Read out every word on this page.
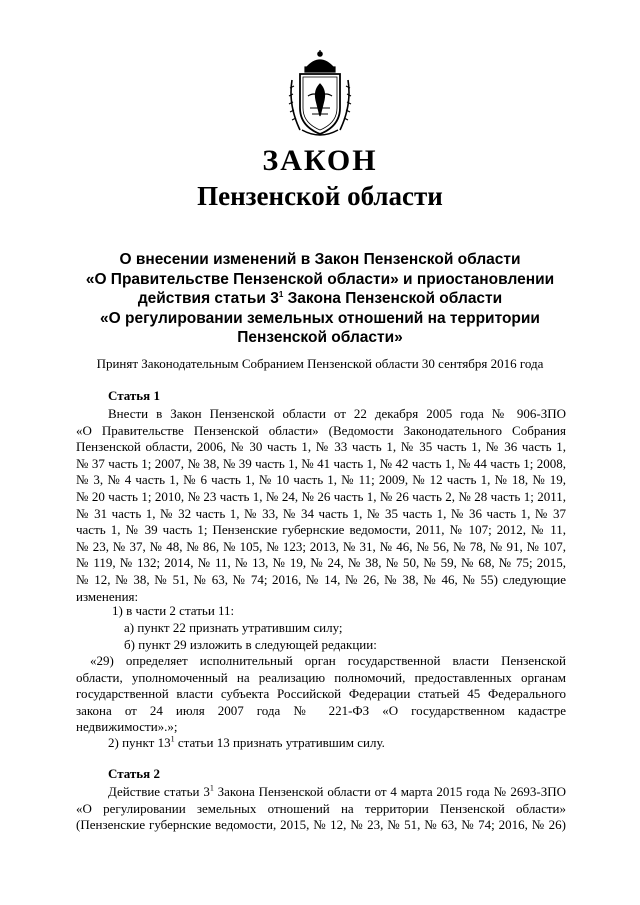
ЗАКОН
Пензенской области
О внесении изменений в Закон Пензенской области
«О Правительстве Пензенской области» и приостановлении
действия статьи $3^1$ Закона Пензенской области
«О регулировании земельных отношений на территории
Пензенской области»
Принят Законодательным Собранием Пензенской области 30 сентября 2016 года
Статья 1
Внести в Закон Пензенской области от 22 декабря 2005 года № 906-ЗПО
«О Правительстве Пензенской области» (Ведомости Законодательного Собрания
Пензенской области, 2006, № 30 часть 1, № 33 часть 1, № 35 часть 1, № 36 часть 1,
№ 37 часть 1; 2007, № 38, № 39 часть 1, № 41 часть 1, № 42 часть 1, № 44 часть 1; 2008,
№ 3, № 4 часть 1, № 6 часть 1, № 10 часть 1, № 11; 2009, № 12 часть 1, № 18, № 19,
№ 20 часть 1; 2010, № 23 часть 1, № 24, № 26 часть 1, № 26 часть 2, № 28 часть 1; 2011,
№ 31 часть 1, № 32 часть 1, № 33, № 34 часть 1, № 35 часть 1, № 36 часть 1, № 37
часть 1, № 39 часть 1; Пензенские губернские ведомости, 2011, № 107; 2012, № 11,
№ 23, № 37, № 48, № 86, № 105, № 123; 2013, № 31, № 46, № 56, № 78, № 91, № 107,
№ 119, № 132; 2014, № 11, № 13, № 19, № 24, № 38, № 50, № 59, № 68, № 75; 2015,
№ 12, № 38, № 51, № 63, № 74; 2016, № 14, № 26, № 38, № 46, № 55) следующие
изменения:
1) в части 2 статьи 11:
а) пункт 22 признать утратившим силу;
б) пункт 29 изложить в следующей редакции:
«29) определяет исполнительный орган государственной власти Пензенской
области, уполномоченный на реализацию полномочий, предоставленных органам
государственной власти субъекта Российской Федерации статьей 45 Федерального
закона от 24 июля 2007 года № 221-ФЗ «О государственном кадастре
недвижимости».»;
2) пункт $13^1$ статьи 13 признать утратившим силу.
Статья 2
Действие статьи $3^1$ Закона Пензенской области от 4 марта 2015 года № 2693-ЗПО
«О регулировании земельных отношений на территории Пензенской области»
(Пензенские губернские ведомости, 2015, № 12, № 23, № 51, № 63, № 74; 2016, № 26)
